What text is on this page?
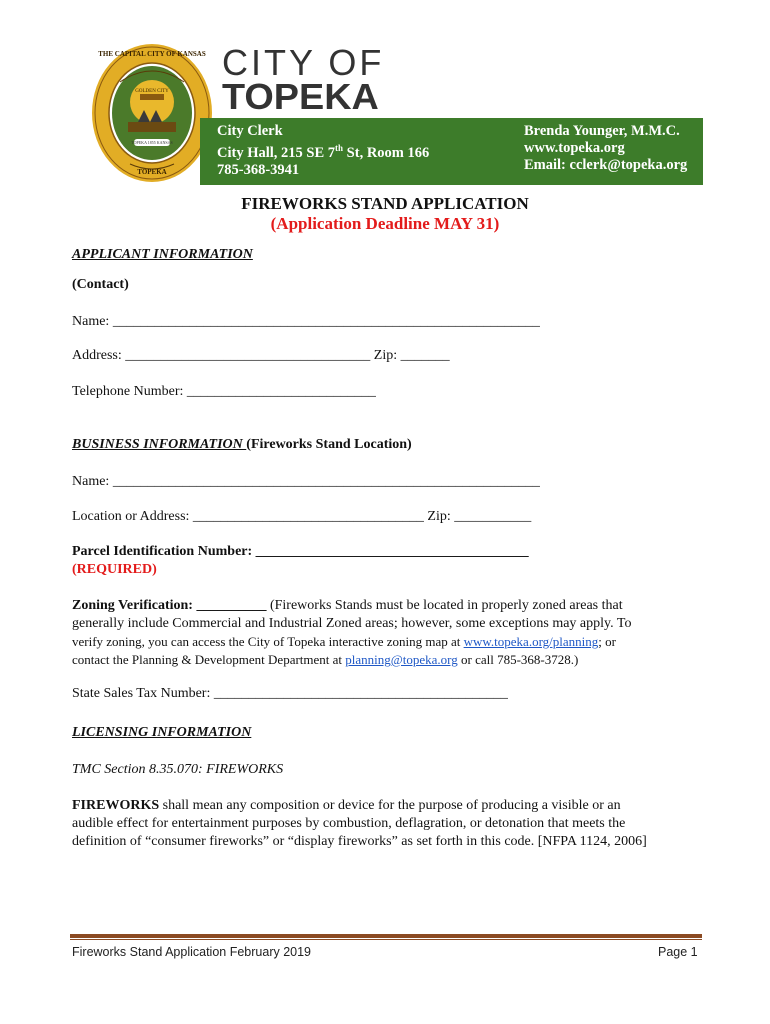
THE CAPITAL CITY OF KANSAS
GOLDEN CITY
TOPEKA 1855 KANSAS
TOPEKA
CITY OF
TOPEKA
City Clerk
City Hall, 215 SE 7th St, Room 166
785-368-3941
Brenda Younger, M.M.C.
www.topeka.org
Email: cclerk@topeka.org
FIREWORKS STAND APPLICATION
(Application Deadline MAY 31)
APPLICANT INFORMATION
(Contact)
Name: _____________________________________________________________
Address: ___________________________________ Zip: _______
Telephone Number: ___________________________
BUSINESS INFORMATION (Fireworks Stand Location)
Name: _____________________________________________________________
Location or Address: _________________________________ Zip: ___________
Parcel Identification Number: _______________________________________
(REQUIRED)
Zoning Verification: __________ (Fireworks Stands must be located in properly zoned areas that
generally include Commercial and Industrial Zoned areas; however, some exceptions may apply. To
verify zoning, you can access the City of Topeka interactive zoning map at www.topeka.org/planning; or
contact the Planning & Development Department at planning@topeka.org or call 785-368-3728.)
State Sales Tax Number: __________________________________________
LICENSING INFORMATION
TMC Section 8.35.070: FIREWORKS
FIREWORKS shall mean any composition or device for the purpose of producing a visible or an
audible effect for entertainment purposes by combustion, deflagration, or detonation that meets the
definition of “consumer fireworks” or “display fireworks” as set forth in this code. [NFPA 1124, 2006]
Fireworks Stand Application February 2019	Page 1
